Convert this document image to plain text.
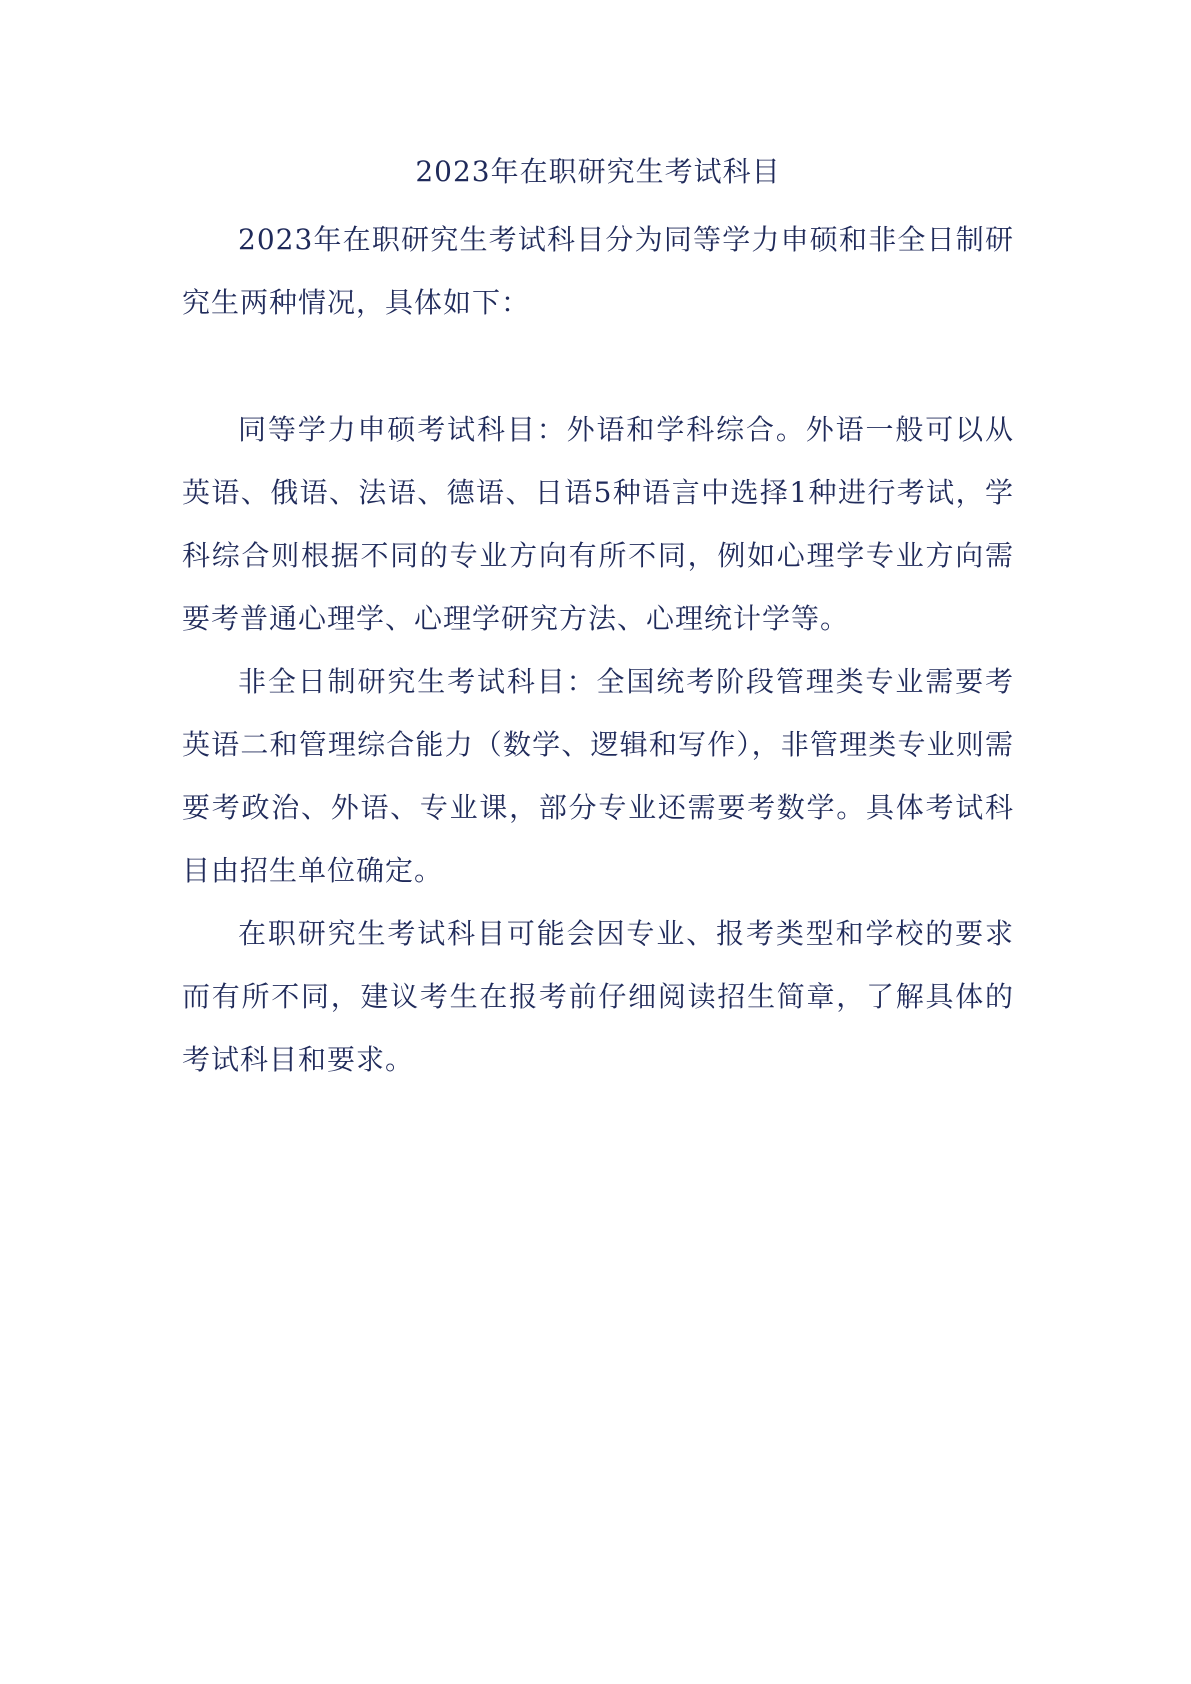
2023年在职研究生考试科目

2023年在职研究生考试科目分为同等学力申硕和非全日制研究生两种情况，具体如下：

同等学力申硕考试科目：外语和学科综合。外语一般可以从英语、俄语、法语、德语、日语5种语言中选择1种进行考试，学科综合则根据不同的专业方向有所不同，例如心理学专业方向需要考普通心理学、心理学研究方法、心理统计学等。

非全日制研究生考试科目：全国统考阶段管理类专业需要考英语二和管理综合能力（数学、逻辑和写作），非管理类专业则需要考政治、外语、专业课，部分专业还需要考数学。具体考试科目由招生单位确定。

在职研究生考试科目可能会因专业、报考类型和学校的要求而有所不同，建议考生在报考前仔细阅读招生简章，了解具体的考试科目和要求。
